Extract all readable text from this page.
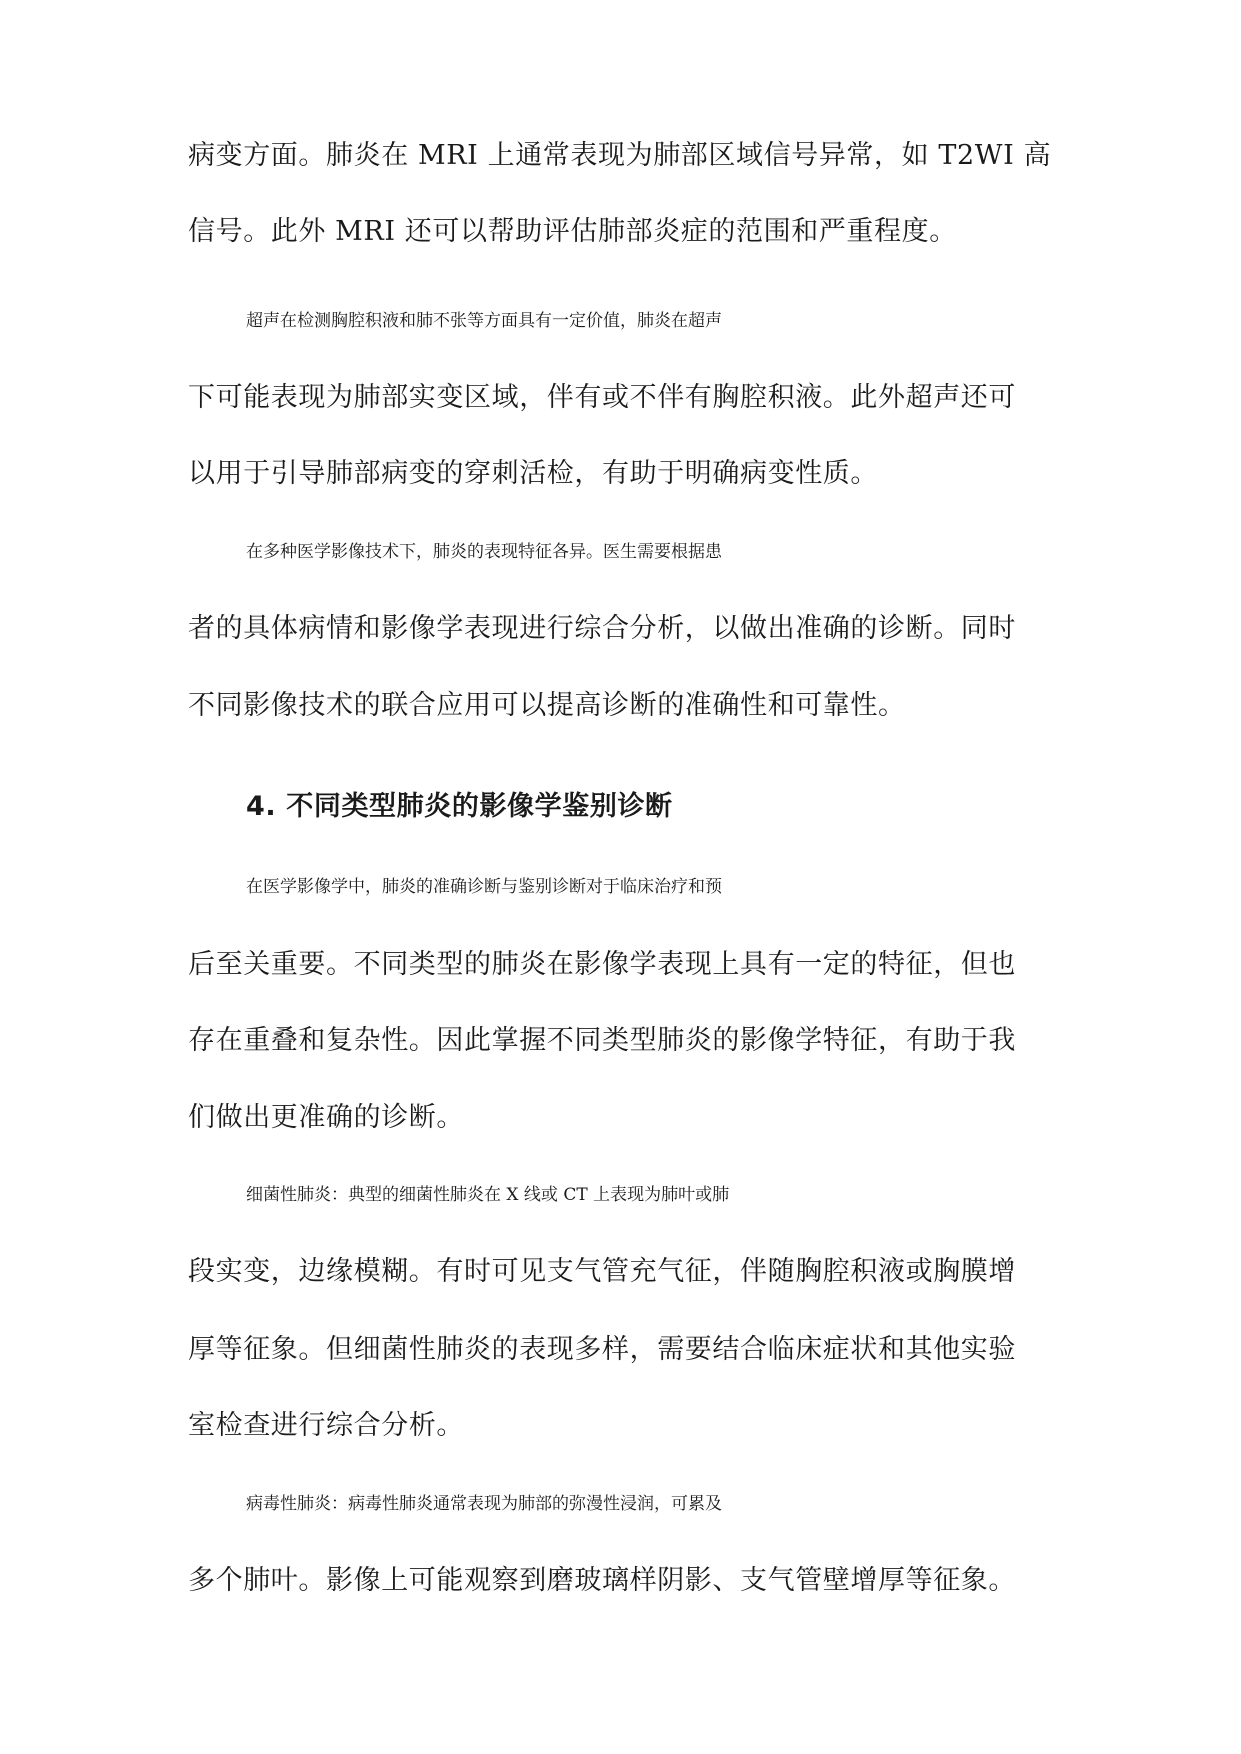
病变方面。肺炎在 MRI 上通常表现为肺部区域信号异常，如 T2WI 高
信号。此外 MRI 还可以帮助评估肺部炎症的范围和严重程度。
超声在检测胸腔积液和肺不张等方面具有一定价值，肺炎在超声
下可能表现为肺部实变区域，伴有或不伴有胸腔积液。此外超声还可
以用于引导肺部病变的穿刺活检，有助于明确病变性质。
在多种医学影像技术下，肺炎的表现特征各异。医生需要根据患
者的具体病情和影像学表现进行综合分析，以做出准确的诊断。同时
不同影像技术的联合应用可以提高诊断的准确性和可靠性。
4. 不同类型肺炎的影像学鉴别诊断
在医学影像学中，肺炎的准确诊断与鉴别诊断对于临床治疗和预
后至关重要。不同类型的肺炎在影像学表现上具有一定的特征，但也
存在重叠和复杂性。因此掌握不同类型肺炎的影像学特征，有助于我
们做出更准确的诊断。
细菌性肺炎：典型的细菌性肺炎在 X 线或 CT 上表现为肺叶或肺
段实变，边缘模糊。有时可见支气管充气征，伴随胸腔积液或胸膜增
厚等征象。但细菌性肺炎的表现多样，需要结合临床症状和其他实验
室检查进行综合分析。
病毒性肺炎：病毒性肺炎通常表现为肺部的弥漫性浸润，可累及
多个肺叶。影像上可能观察到磨玻璃样阴影、支气管壁增厚等征象。
